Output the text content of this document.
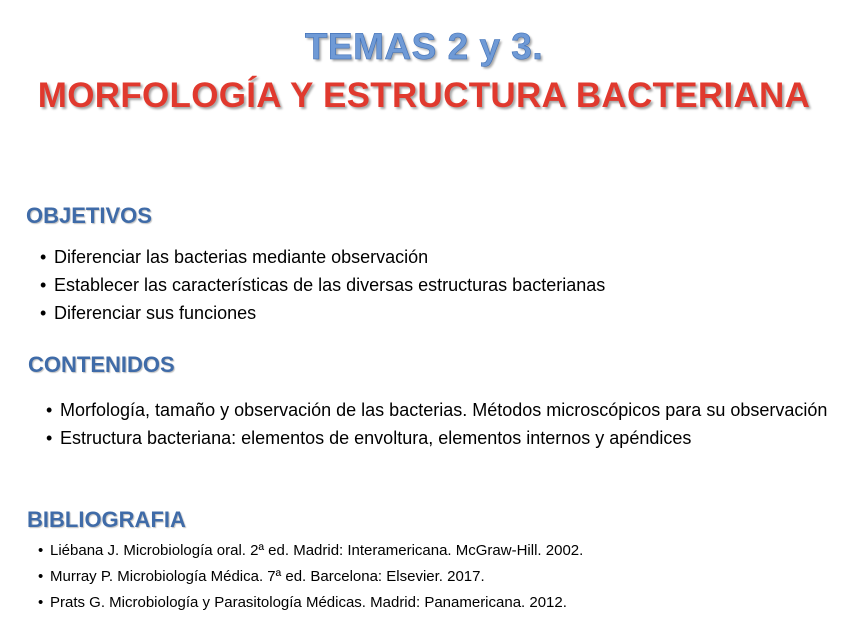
TEMAS 2 y 3.
MORFOLOGÍA Y ESTRUCTURA BACTERIANA
OBJETIVOS
• Diferenciar las bacterias mediante observación
• Establecer las características de las diversas estructuras bacterianas
• Diferenciar sus funciones
CONTENIDOS
• Morfología, tamaño y observación de las bacterias. Métodos microscópicos para su observación
• Estructura bacteriana: elementos de envoltura, elementos internos y apéndices
BIBLIOGRAFIA
• Liébana J. Microbiología oral. 2ª ed. Madrid: Interamericana. McGraw-Hill. 2002.
• Murray P. Microbiología Médica. 7ª ed. Barcelona: Elsevier. 2017.
• Prats G. Microbiología y Parasitología Médicas. Madrid: Panamericana. 2012.
